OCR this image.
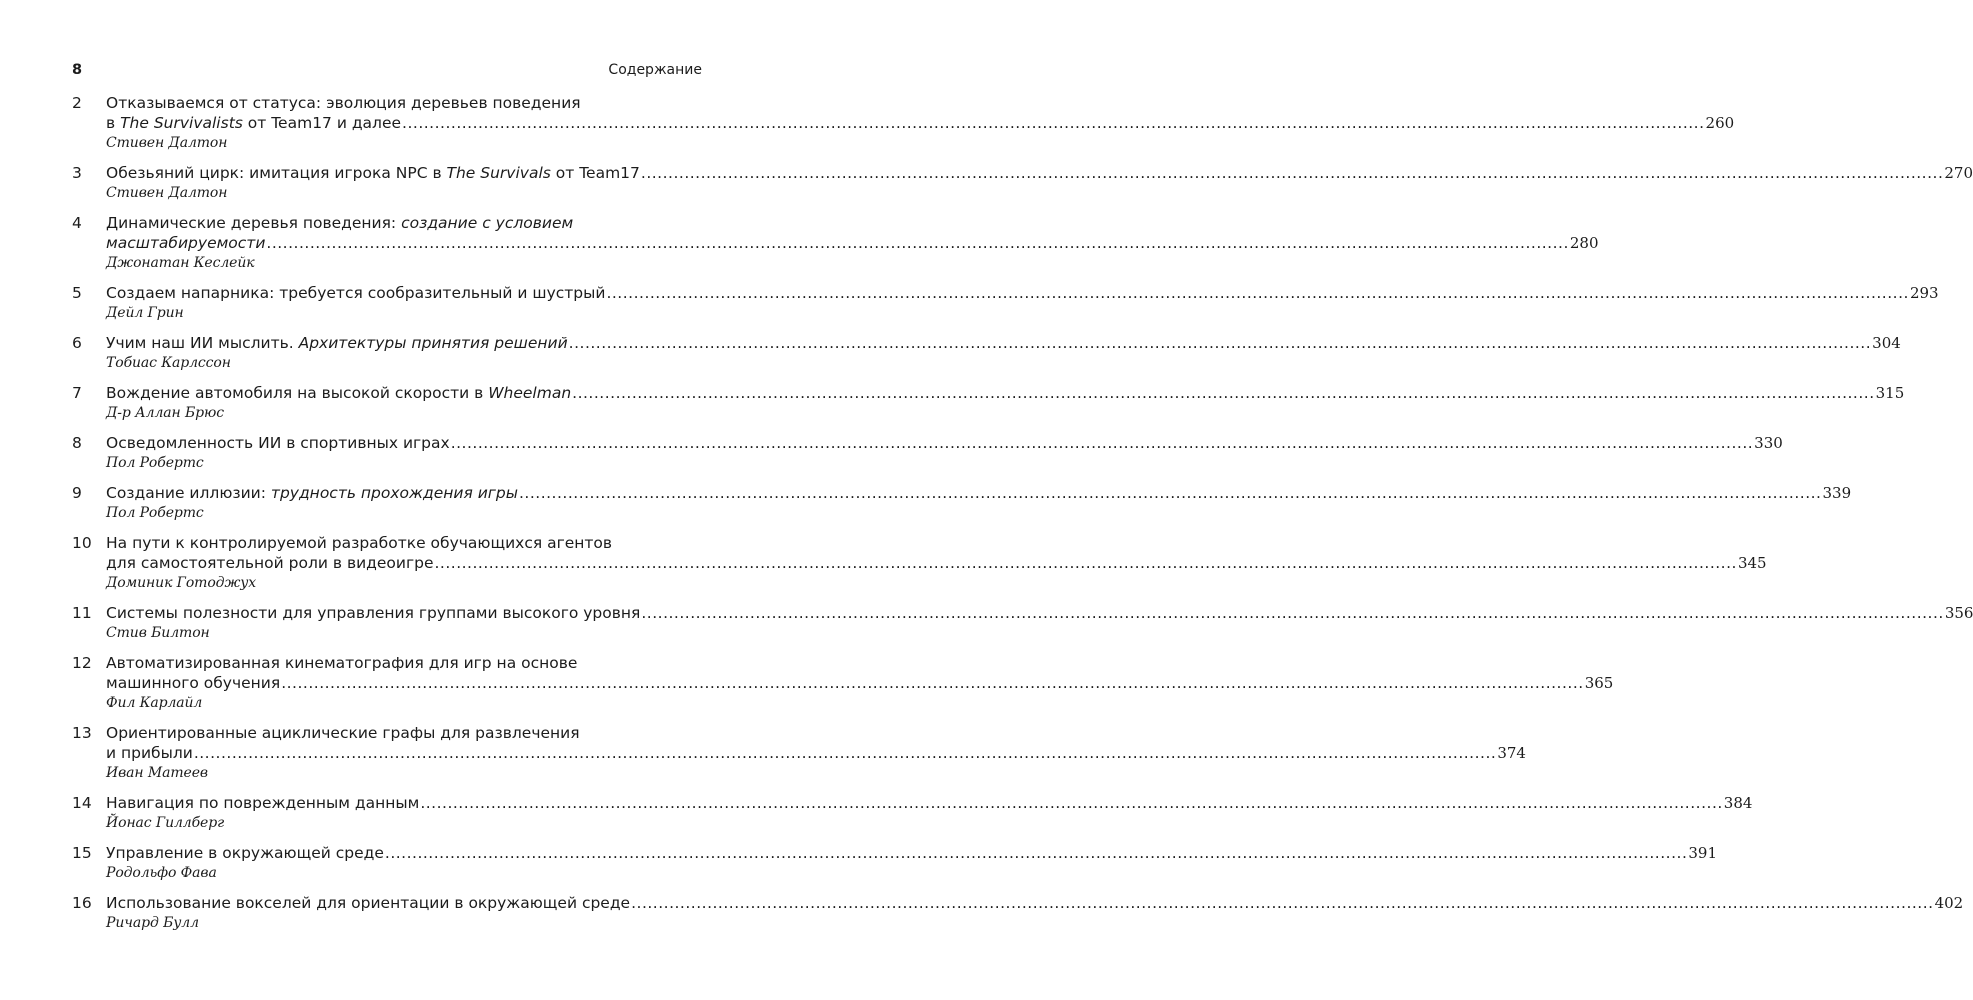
8	Содержание
2 Отказываемся от статуса: эволюция деревьев поведения
в The Survivalists от Team17 и далее .....	260
Стивен Далтон
3 Обезьяний цирк: имитация игрока NPC в The Survivals от Team17 .....	270
Стивен Далтон
4 Динамические деревья поведения: создание с условием
масштабируемости .....	280
Джонатан Кеслейк
5 Создаем напарника: требуется сообразительный и шустрый .....	293
Дейл Грин
6 Учим наш ИИ мыслить. Архитектуры принятия решений .....	304
Тобиас Карлссон
7 Вождение автомобиля на высокой скорости в Wheelman .....	315
Д-р Аллан Брюс
8 Осведомленность ИИ в спортивных играх .....	330
Пол Робертс
9 Создание иллюзии: трудность прохождения игры .....	339
Пол Робертс
10 На пути к контролируемой разработке обучающихся агентов
для самостоятельной роли в видеоигре .....	345
Доминик Готоджух
11 Системы полезности для управления группами высокого уровня .....	356
Стив Билтон
12 Автоматизированная кинематография для игр на основе
машинного обучения .....	365
Фил Карлайл
13 Ориентированные ациклические графы для развлечения
и прибыли .....	374
Иван Матеев
14 Навигация по поврежденным данным .....	384
Йонас Гиллберг
15 Управление в окружающей среде .....	391
Родольфо Фава
16 Использование вокселей для ориентации в окружающей среде .....	402
Ричард Булл
